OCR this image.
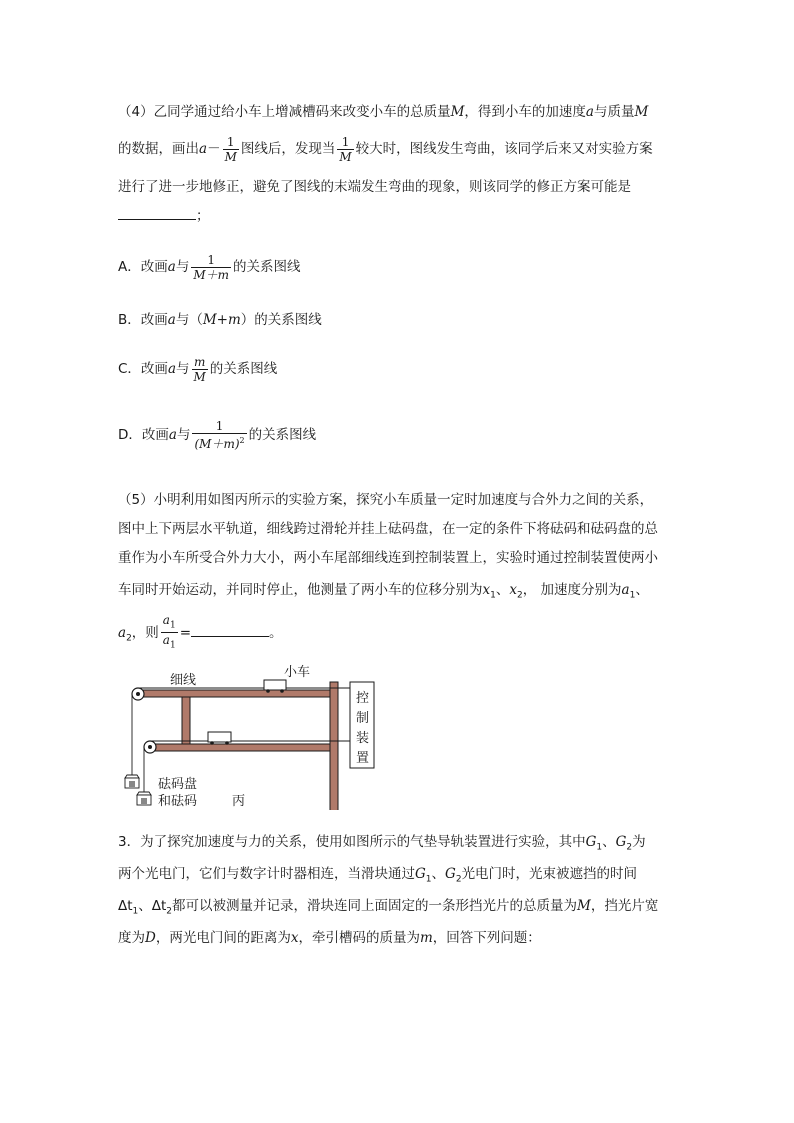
（4）乙同学通过给小车上增减槽码来改变小车的总质量M，得到小车的加速度a与质量M
的数据，画出$a- \frac{1}{M}$ 图线后，发现当 $\frac{1}{M}$ 较大时，图线发生弯曲，该同学后来又对实验方案
进行了进一步地修正，避免了图线的末端发生弯曲的现象，则该同学的修正方案可能是
；
A．改画a与 $\frac{1}{M+m}$ 的关系图线
B．改画a与（M+m）的关系图线
C．改画a与 $\frac{m}{M}$ 的关系图线
D．改画a与 $\frac{1}{(M+m)^2}$ 的关系图线
（5）小明利用如图丙所示的实验方案，探究小车质量一定时加速度与合外力之间的关系，
图中上下两层水平轨道，细线跨过滑轮并挂上砝码盘，在一定的条件下将砝码和砝码盘的总
重作为小车所受合外力大小，两小车尾部细线连到控制装置上，实验时通过控制装置使两小
车同时开始运动，并同时停止，他测量了两小车的位移分别为$x_1$、$x_2$， 加速度分别为$a_1$、
$a_2$，则 $\frac{a_1}{a_1}$ =	。
细线
小车
控
制
装
置
砝码盘
和砝码	丙
3．为了探究加速度与力的关系，使用如图所示的气垫导轨装置进行实验，其中$G_1$、$G_2$为
两个光电门，它们与数字计时器相连，当滑块通过$G_1$、$G_2$光电门时，光束被遮挡的时间
$\Delta t_1$、$\Delta t_2$都可以被测量并记录，滑块连同上面固定的一条形挡光片的总质量为M，挡光片宽
度为D，两光电门间的距离为x，牵引槽码的质量为m，回答下列问题：
